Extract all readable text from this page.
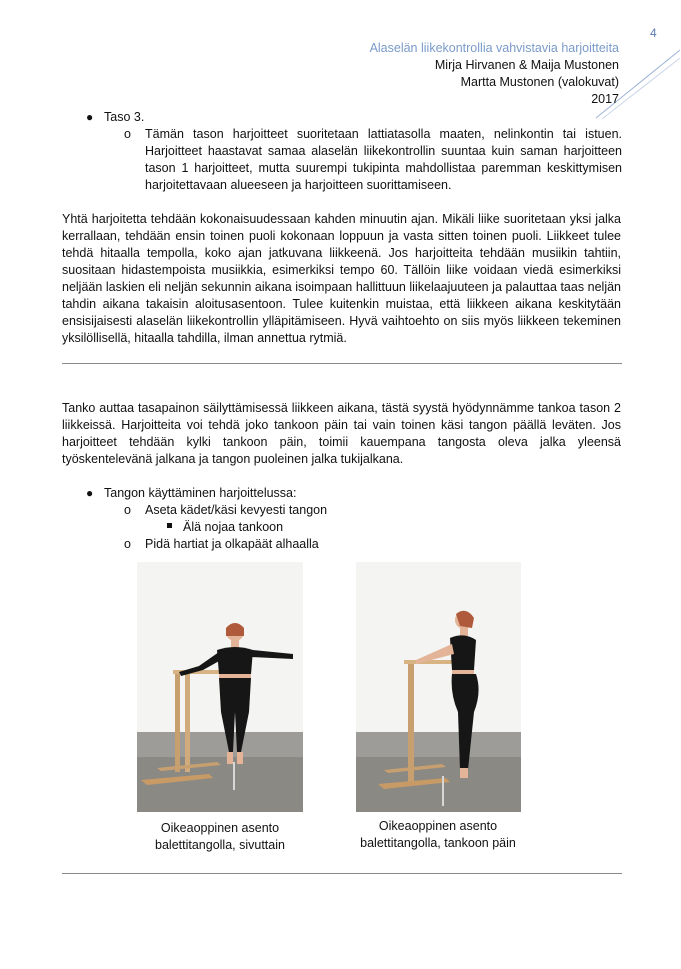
4
Alaselän liikekontrollia vahvistavia harjoitteita
Mirja Hirvanen & Maija Mustonen
Martta Mustonen (valokuvat)
2017
● Taso 3.
o Tämän tason harjoitteet suoritetaan lattiatasolla maaten, nelinkontin tai istuen. Harjoitteet haastavat samaa alaselän liikekontrollin suuntaa kuin saman harjoitteen tason 1 harjoitteet, mutta suurempi tukipinta mahdollistaa paremman keskittymisen harjoitettavaan alueeseen ja harjoitteen suorittamiseen.
Yhtä harjoitetta tehdään kokonaisuudessaan kahden minuutin ajan. Mikäli liike suoritetaan yksi jalka kerrallaan, tehdään ensin toinen puoli kokonaan loppuun ja vasta sitten toinen puoli. Liikkeet tulee tehdä hitaalla tempolla, koko ajan jatkuvana liikkeenä. Jos harjoitteita tehdään musiikin tahtiin, suositaan hidastempoista musiikkia, esimerkiksi tempo 60. Tällöin liike voidaan viedä esimerkiksi neljään laskien eli neljän sekunnin aikana isoimpaan hallittuun liikelaajuuteen ja palauttaa taas neljän tahdin aikana takaisin aloitusasentoon. Tulee kuitenkin muistaa, että liikkeen aikana keskitytään ensisijaisesti alaselän liikekontrollin ylläpitämiseen. Hyvä vaihtoehto on siis myös liikkeen tekeminen yksilöllisellä, hitaalla tahdilla, ilman annettua rytmiä.
Tanko auttaa tasapainon säilyttämisessä liikkeen aikana, tästä syystä hyödynnämme tankoa tason 2 liikkeissä. Harjoitteita voi tehdä joko tankoon päin tai vain toinen käsi tangon päällä leväten. Jos harjoitteet tehdään kylki tankoon päin, toimii kauempana tangosta oleva jalka yleensä työskentelevänä jalkana ja tangon puoleinen jalka tukijalkana.
● Tangon käyttäminen harjoittelussa:
o Aseta kädet/käsi kevyesti tangon
Älä nojaa tankoon
o Pidä hartiat ja olkapäät alhaalla
Oikeaoppinen asento
balettitangolla, sivuttain
Oikeaoppinen asento
balettitangolla, tankoon päin
